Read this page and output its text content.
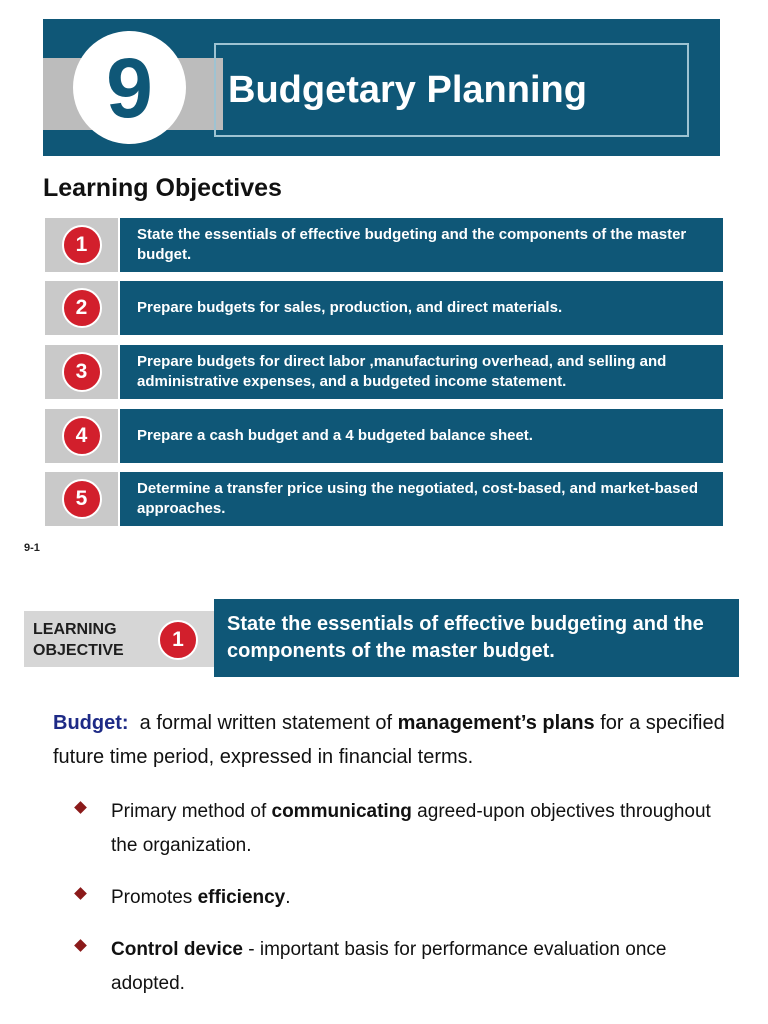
9	Budgetary Planning
Learning Objectives
1	State the essentials of effective budgeting and the components of the master budget.
2	Prepare budgets for sales, production, and direct materials.
3	Prepare budgets for direct labor ,manufacturing overhead, and selling and administrative expenses, and a budgeted income statement.
4	Prepare a cash budget and a 4 budgeted balance sheet.
5	Determine a transfer price using the negotiated, cost-based, and market-based approaches.
9-1
LEARNING OBJECTIVE	1
State the essentials of effective budgeting and the components of the master budget.
Budget: a formal written statement of management’s plans for a specified future time period, expressed in financial terms.
Primary method of communicating agreed-upon objectives throughout the organization.
Promotes efficiency.
Control device - important basis for performance evaluation once adopted.
